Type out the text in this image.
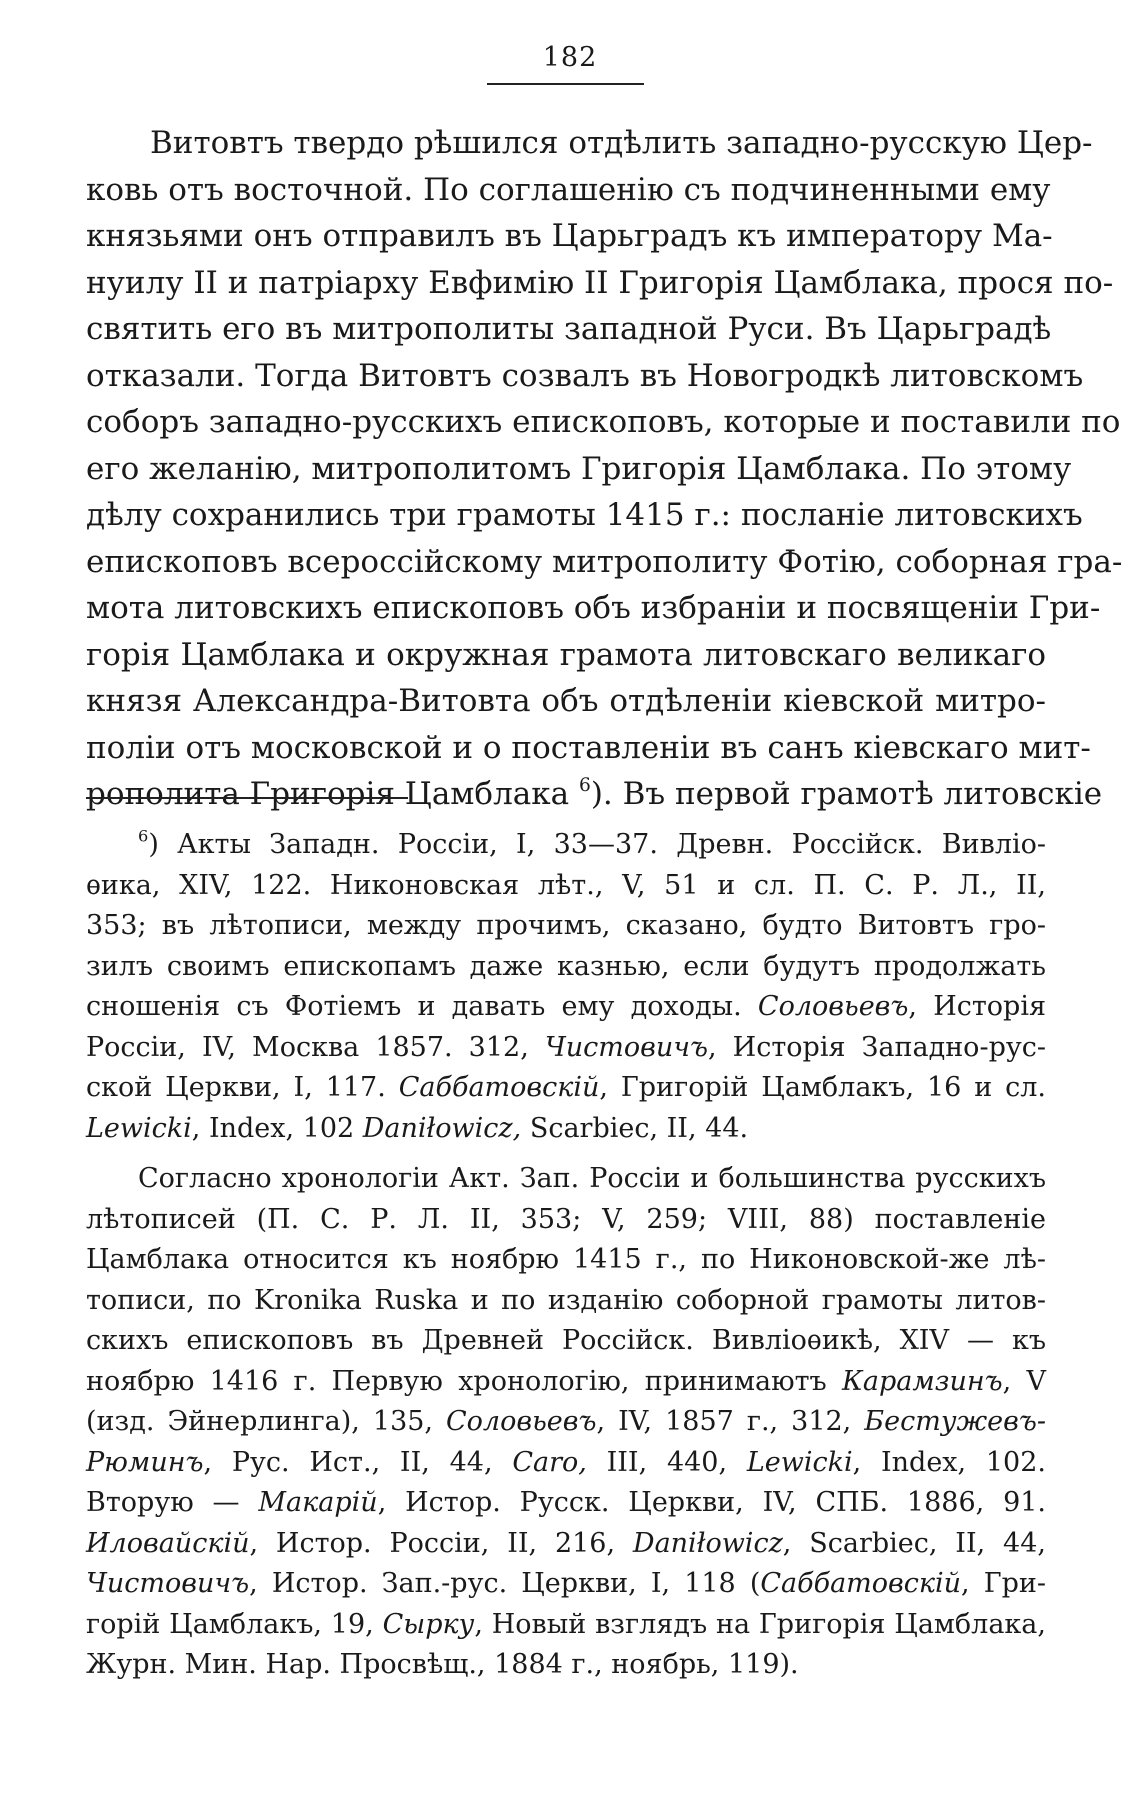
182
Витовтъ твердо рѣшился отдѣлить западно-русскую Цер-
ковь отъ восточной. По соглашенію съ подчиненными ему
князьями онъ отправилъ въ Царьградъ къ императору Ма-
нуилу II и патріарху Евфимію II Григорія Цамблака, прося по-
святить его въ митрополиты западной Руси. Въ Царьградѣ
отказали. Тогда Витовтъ созвалъ въ Новогродкѣ литовскомъ
соборъ западно-русскихъ епископовъ, которые и поставили по
его желанію, митрополитомъ Григорія Цамблака. По этому
дѣлу сохранились три грамоты 1415 г.: посланіе литовскихъ
епископовъ всероссійскому митрополиту Фотію, соборная гра-
мота литовскихъ епископовъ объ избраніи и посвященіи Гри-
горія Цамблака и окружная грамота литовскаго великаго
князя Александра-Витовта объ отдѣленіи кіевской митро-
поліи отъ московской и о поставленіи въ санъ кіевскаго мит-
рополита Григорія Цамблака $^6$). Въ первой грамотѣ литовскіе
$^6$) Акты Западн. Россіи, I, 33—37. Древн. Россійск. Вивліо-
ѳика, XIV, 122. Никоновская лѣт., V, 51 и сл. П. С. Р. Л., II,
353; въ лѣтописи, между прочимъ, сказано, будто Витовтъ гро-
зилъ своимъ епископамъ даже казнью, если будутъ продолжать
сношенія съ Фотіемъ и давать ему доходы. Соловьевъ, Исторія
Россіи, IV, Москва 1857. 312, Чистовичъ, Исторія Западно-рус-
ской Церкви, I, 117. Саббатовскій, Григорій Цамблакъ, 16 и сл.
Lewicki, Index, 102 Daniłowicz, Scarbiec, II, 44.
Согласно хронологіи Акт. Зап. Россіи и большинства русскихъ
лѣтописей (П. С. Р. Л. II, 353; V, 259; VIII, 88) поставленіе
Цамблака относится къ ноябрю 1415 г., по Никоновской-же лѣ-
тописи, по Kronika Ruska и по изданію соборной грамоты литов-
скихъ епископовъ въ Древней Россійск. Вивліоѳикѣ, XIV — къ
ноябрю 1416 г. Первую хронологію, принимаютъ Карамзинъ, V
(изд. Эйнерлинга), 135, Соловьевъ, IV, 1857 г., 312, Бестужевъ-
Рюминъ, Рус. Ист., II, 44, Caro, III, 440, Lewicki, Index, 102.
Вторую — Макарій, Истор. Русск. Церкви, IV, СПБ. 1886, 91.
Иловайскій, Истор. Россіи, II, 216, Daniłowicz, Scarbiec, II, 44,
Чистовичъ, Истор. Зап.-рус. Церкви, I, 118 (Саббатовскій, Гри-
горій Цамблакъ, 19, Сырку, Новый взглядъ на Григорія Цамблака,
Журн. Мин. Нар. Просвѣщ., 1884 г., ноябрь, 119).
